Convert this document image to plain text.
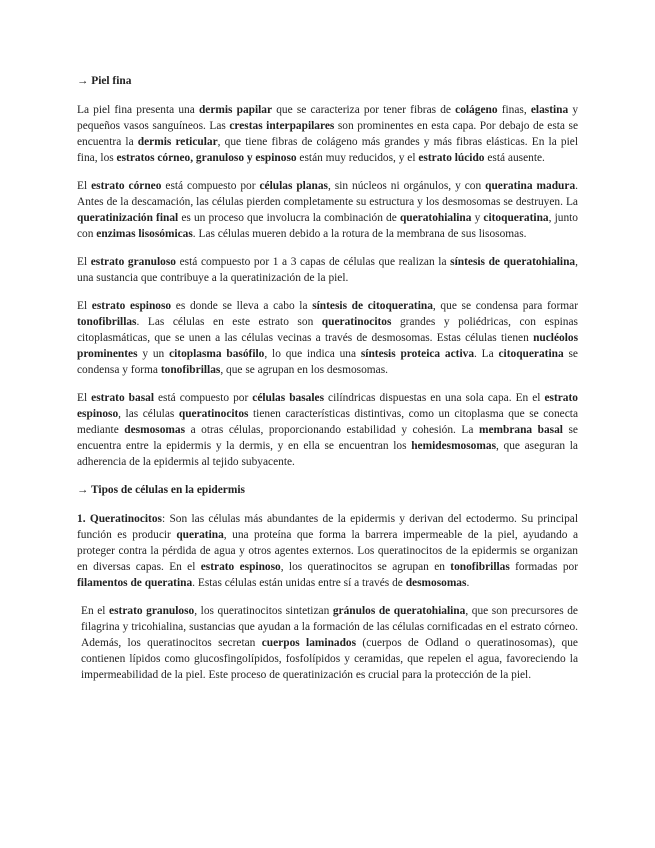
→ Piel fina

La piel fina presenta una dermis papilar que se caracteriza por tener fibras de colágeno finas, elastina y pequeños vasos sanguíneos. Las crestas interpapilares son prominentes en esta capa. Por debajo de esta se encuentra la dermis reticular, que tiene fibras de colágeno más grandes y más fibras elásticas. En la piel fina, los estratos córneo, granuloso y espinoso están muy reducidos, y el estrato lúcido está ausente.

El estrato córneo está compuesto por células planas, sin núcleos ni orgánulos, y con queratina madura. Antes de la descamación, las células pierden completamente su estructura y los desmosomas se destruyen. La queratinización final es un proceso que involucra la combinación de queratohialina y citoqueratina, junto con enzimas lisosómicas. Las células mueren debido a la rotura de la membrana de sus lisosomas.

El estrato granuloso está compuesto por 1 a 3 capas de células que realizan la síntesis de queratohialina, una sustancia que contribuye a la queratinización de la piel.

El estrato espinoso es donde se lleva a cabo la síntesis de citoqueratina, que se condensa para formar tonofibrillas. Las células en este estrato son queratinocitos grandes y poliédricas, con espinas citoplasmáticas, que se unen a las células vecinas a través de desmosomas. Estas células tienen nucléolos prominentes y un citoplasma basófilo, lo que indica una síntesis proteica activa. La citoqueratina se condensa y forma tonofibrillas, que se agrupan en los desmosomas.

El estrato basal está compuesto por células basales cilíndricas dispuestas en una sola capa. En el estrato espinoso, las células queratinocitos tienen características distintivas, como un citoplasma que se conecta mediante desmosomas a otras células, proporcionando estabilidad y cohesión. La membrana basal se encuentra entre la epidermis y la dermis, y en ella se encuentran los hemidesmosomas, que aseguran la adherencia de la epidermis al tejido subyacente.

→ Tipos de células en la epidermis

1. Queratinocitos: Son las células más abundantes de la epidermis y derivan del ectodermo. Su principal función es producir queratina, una proteína que forma la barrera impermeable de la piel, ayudando a proteger contra la pérdida de agua y otros agentes externos. Los queratinocitos de la epidermis se organizan en diversas capas. En el estrato espinoso, los queratinocitos se agrupan en tonofibrillas formadas por filamentos de queratina. Estas células están unidas entre sí a través de desmosomas.

En el estrato granuloso, los queratinocitos sintetizan gránulos de queratohialina, que son precursores de filagrina y tricohialina, sustancias que ayudan a la formación de las células cornificadas en el estrato córneo. Además, los queratinocitos secretan cuerpos laminados (cuerpos de Odland o queratinosomas), que contienen lípidos como glucosfingolípidos, fosfolípidos y ceramidas, que repelen el agua, favoreciendo la impermeabilidad de la piel. Este proceso de queratinización es crucial para la protección de la piel.
